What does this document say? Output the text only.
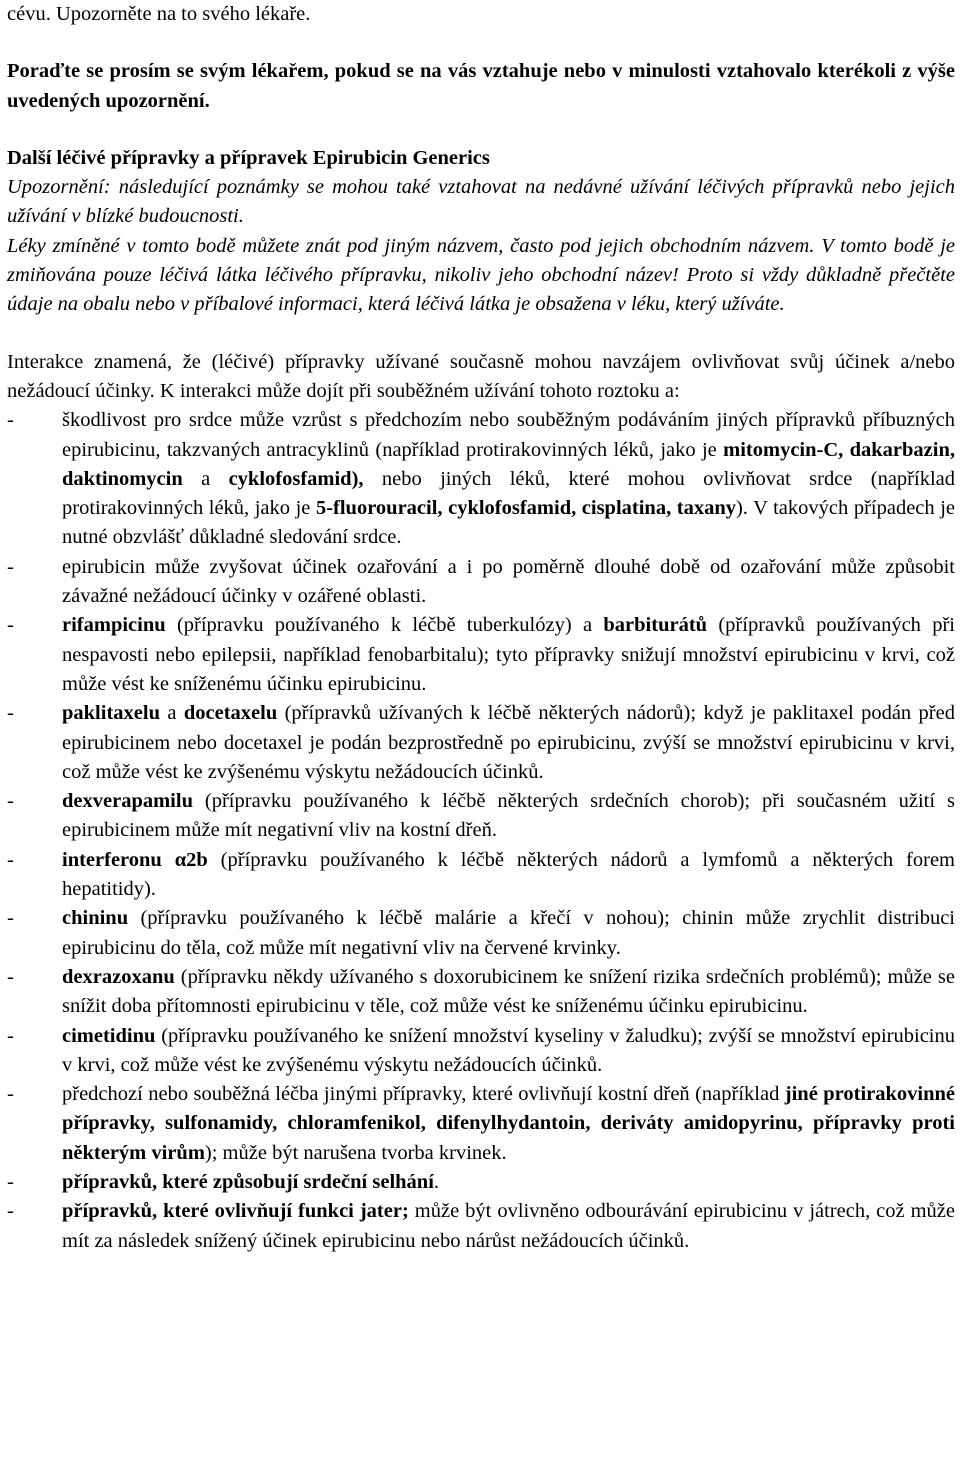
cévu. Upozorněte na to svého lékaře.

Poraďte se prosím se svým lékařem, pokud se na vás vztahuje nebo v minulosti vztahovalo kterékoli z výše uvedených upozornění.

Další léčivé přípravky a přípravek Epirubicin Generics

Upozornění: následující poznámky se mohou také vztahovat na nedávné užívání léčivých přípravků nebo jejich užívání v blízké budoucnosti.

Léky zmíněné v tomto bodě můžete znát pod jiným názvem, často pod jejich obchodním názvem. V tomto bodě je zmiňována pouze léčivá látka léčivého přípravku, nikoliv jeho obchodní název! Proto si vždy důkladně přečtěte údaje na obalu nebo v příbalové informaci, která léčivá látka je obsažena v léku, který užíváte.

Interakce znamená, že (léčivé) přípravky užívané současně mohou navzájem ovlivňovat svůj účinek a/nebo nežádoucí účinky. K interakci může dojít při souběžném užívání tohoto roztoku a:

-	škodlivost pro srdce může vzrůst s předchozím nebo souběžným podáváním jiných přípravků příbuzných epirubicinu, takzvaných antracyklinů (například protirakovinných léků, jako je mitomycin-C, dakarbazin, daktinomycin a cyklofosfamid), nebo jiných léků, které mohou ovlivňovat srdce (například protirakovinných léků, jako je 5-fluorouracil, cyklofosfamid, cisplatina, taxany). V takových případech je nutné obzvlášť důkladné sledování srdce.

-	epirubicin může zvyšovat účinek ozařování a i po poměrně dlouhé době od ozařování může způsobit závažné nežádoucí účinky v ozářené oblasti.

-	rifampicinu (přípravku používaného k léčbě tuberkulózy) a barbiturátů (přípravků používaných při nespavosti nebo epilepsii, například fenobarbitalu); tyto přípravky snižují množství epirubicinu v krvi, což může vést ke sníženému účinku epirubicinu.

-	paklitaxelu a docetaxelu (přípravků užívaných k léčbě některých nádorů); když je paklitaxel podán před epirubicinem nebo docetaxel je podán bezprostředně po epirubicinu, zvýší se množství epirubicinu v krvi, což může vést ke zvýšenému výskytu nežádoucích účinků.

-	dexverapamilu (přípravku používaného k léčbě některých srdečních chorob); při současném užití s epirubicinem může mít negativní vliv na kostní dřeň.

-	interferonu α2b (přípravku používaného k léčbě některých nádorů a lymfomů a některých forem hepatitidy).

-	chininu (přípravku používaného k léčbě malárie a křečí v nohou); chinin může zrychlit distribuci epirubicinu do těla, což může mít negativní vliv na červené krvinky.

-	dexrazoxanu (přípravku někdy užívaného s doxorubicinem ke snížení rizika srdečních problémů); může se snížit doba přítomnosti epirubicinu v těle, což může vést ke sníženému účinku epirubicinu.

-	cimetidinu (přípravku používaného ke snížení množství kyseliny v žaludku); zvýší se množství epirubicinu v krvi, což může vést ke zvýšenému výskytu nežádoucích účinků.

-	předchozí nebo souběžná léčba jinými přípravky, které ovlivňují kostní dřeň (například jiné protirakovinné přípravky, sulfonamidy, chloramfenikol, difenylhydantoin, deriváty amidopyrinu, přípravky proti některým virům); může být narušena tvorba krvinek.

-	přípravků, které způsobují srdeční selhání.

-	přípravků, které ovlivňují funkci jater; může být ovlivněno odbourávání epirubicinu v játrech, což může mít za následek snížený účinek epirubicinu nebo nárůst nežádoucích účinků.
